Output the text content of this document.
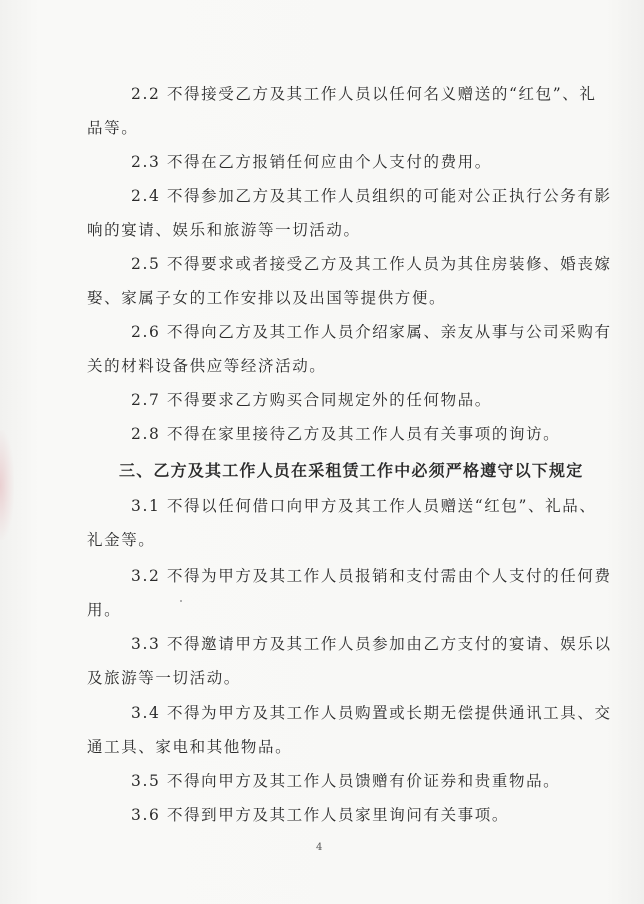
2.2 不得接受乙方及其工作人员以任何名义赠送的“红包”、礼
品等。
2.3 不得在乙方报销任何应由个人支付的费用。
2.4 不得参加乙方及其工作人员组织的可能对公正执行公务有影
响的宴请、娱乐和旅游等一切活动。
2.5 不得要求或者接受乙方及其工作人员为其住房装修、婚丧嫁
娶、家属子女的工作安排以及出国等提供方便。
2.6 不得向乙方及其工作人员介绍家属、亲友从事与公司采购有
关的材料设备供应等经济活动。
2.7 不得要求乙方购买合同规定外的任何物品。
2.8 不得在家里接待乙方及其工作人员有关事项的询访。
三、乙方及其工作人员在采租赁工作中必须严格遵守以下规定
3.1 不得以任何借口向甲方及其工作人员赠送“红包”、礼品、
礼金等。
3.2 不得为甲方及其工作人员报销和支付需由个人支付的任何费
用。
3.3 不得邀请甲方及其工作人员参加由乙方支付的宴请、娱乐以
及旅游等一切活动。
3.4 不得为甲方及其工作人员购置或长期无偿提供通讯工具、交
通工具、家电和其他物品。
3.5 不得向甲方及其工作人员馈赠有价证券和贵重物品。
3.6 不得到甲方及其工作人员家里询问有关事项。
4
